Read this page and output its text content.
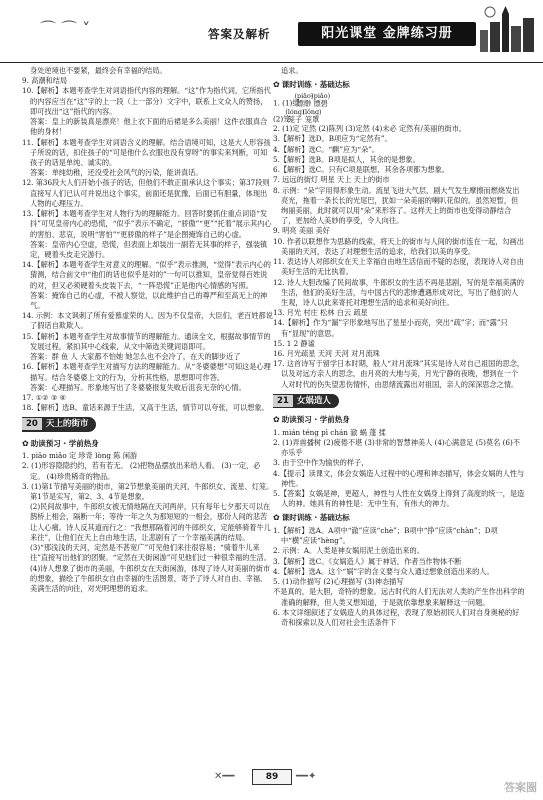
⌒ ⌒ ˅	答案及解析	阳光课堂 金牌练习册

身处逆境也不要紧，最终会有幸福的结局。

9. 高潮和结局

10.【解析】本题考查学生对词语指代内容的理解。“这”作为指代词，它所指代的内容应当在“这”字的上一段（上一部分）文字中，联系上文众人的赞扬，即可找出“这”指代的内容。

答案：皇上的新装真是漂亮！他上衣下面的后裙是多么美丽！这件衣服真合他的身材！

11.【解析】本题考查学生对词语含义的理解。结合语境可知，这是大人形容孩子所说的话，扣住孩子的“可是他什么衣服也没有穿呀”的事实来判断，可知孩子的话是单纯、诚实的。

答案：单纯幼稚，还没受社会风气的污染，能讲真话。

12. 第36段大人们开始小孩子的话，但他们不敢正面承认这个事实；第37段则直接写人们已认可并说出这个事实，前面还是犹豫，后面已有胆量，体现出人物的心理压力。

13.【解析】本题考查学生对人物行为的理解能力。回答时要抓住重点词语“发抖”可见皇帝内心的恐慌，“似乎”表示不确定，“骄傲”“更”“托着”展示其内心的害怕、悲哀，说明“害怕”“更骄傲的样子”是企图掩饰自己的心虚。

答案：皇帝内心空虚，恐慌，但表面上却装出一副若无其事的样子，强装镇定，硬着头皮走完游行。

14.【解析】本题考查学生对意义的理解。“似乎”表示推测，“觉得”表示内心的猜测，结合前文中“他们的话也似乎是对的”一句可以推知，皇帝觉得百姓说的对，但又必须硬着头皮装下去，“一阵恐慌”正是他内心情感的写照。

答案：掩饰自己的心虚，不被人察觉，以此维护自己的尊严和至高无上的神气。

14. 示例：本文讽刺了所有爱慕虚荣的人。因为不仅皇帝，大臣们，老百姓都说了假话自欺欺人。

15.【解析】本题考查学生对故事情节的理解能力。通读全文，根据故事情节的发展过程，紧扣其中心线索，从文中筛选关键词语即可。

答案：群 鱼 人 大家都不怕她 她怎么也不会冷了，在天的脚步近了

16.【解析】本题考查学生对描写方法的理解能力。从“冬婆婆想”可知这是心理描写。结合冬婆婆上文的行为，分析其性格，思想即可作答。

答案：心理描写。形象地写出了冬婆婆报复失败后沮丧无奈的心情。

17. ①② ③ ④

18.【解析】选B。童话来源于生活，又高于生活，情节可以夸张，可以想象。

20 天上的街市
✿ 助读预习 · 学前热身

1. piāo miǎo 定 珍奇 lòng 陈 闲游

2. (1)形容隐隐约约，若有若无。 (2)把物品摆放出来给人看。 (3)一定，必定。 (4)珍贵稀奇的物品。

3. (1)第1节描写美丽的街市，第2节想象美丽的天河，牛郎织女、流星、灯笼。第1节是实写，第2、3、4节是想象。

(2)民间故事中，牛郎织女被无情地隔在天河两岸，只有每年七夕那天可以在鹊桥上相会，隔断一年；等待一年之久为那短短的一相会，那份人间的悲苦让人心痛。诗人反其道而行之：“我想那隔着河的牛郎织女，定能够骑着牛儿来往”，让他们在天上自由地生活，让悲剧有了一个幸福美满的结局。

(3)“那浅浅的天河，定然是不甚宽广”可见他们来往很容易；“骑着牛儿来往”直接写出他们的团聚。“定然在天街闲游”可见他们过一种很幸福的生活。

(4)诗人想象了街市的美丽，牛郎织女在天街闲游，体现了诗人对美丽的街市的想象，描绘了牛郎织女自由幸福的生活图景，寄予了诗人对自由、幸福、美满生活的向往，对光明理想的追求。

追求。

✿ 课时训练 · 基础达标

1. (1)缥
(piāo)
缥缈
(piǎo)
缥碧

(2)笼
(lóng)
笼子
(lǒng)
笼罩

2. (1)定 定然 (2)陈列 (3)定然 (4)未必 定然有/美丽的街市。

3.【解析】选D。B项应为“定然有”。

4.【解析】选C。“麒”应为“朵”。

5.【解析】选B。B项是拟人，其余的是想象。

6.【解析】选C。只有C项是联想，其余各项都为想象。

7. 远远的街灯 明星 天上 天上的街市

8. 示例：“朵”字用得形象生动。流星飞进大气层，剧大气发生摩擦而燃烧发出亮光，拖着一条长长的光尾巴，犹如一朵美丽的喇叭花似的。虽然短暂，但绚丽美丽，此时就可以用“朵”来形容了。这样天上的街市也变得动静结合了，更加给人美妙的享受，令人向往。

9. 明亮 美丽 美好

10. 作者以联想作为思路的线索，将天上的街市与人间的街市连在一起，勾画出美丽的天河，表达了对理想生活的追求，给我们以美的享受。

11. 表达诗人对郎织女在天上幸福自由地生活信而不疑的态度，表现诗人对自由美好生活的无比执着。

12. 诗人大胆改编了民间故事，牛郎织女的生活不再是悲剧，写的是幸福美满的生活，他们的美好生活，与中国古代的悲惨遭遇形成对比，写出了他们的人生观，诗人以此来寄托对理想生活的追求和美好向往。

13. 月光 村庄 松林 白云 疏星

14.【解析】作为“漏”字形象地写出了星星小而亮，突出“疏”字；而“露”只有“显现”的意思。

15. 1 2 静谧

16. 月光疏星 天河 天河 对月流珠

17. 这首诗写于留学日本时期，般人“对月流珠”其实是诗人对自己祖国的思念，以及对远方亲人的思念，由月亮的大地与美，月光宁静的夜晚，想到在一个人对时代的伤失望悲伤情怀，由思绪流露出对祖国，亲人的深深思念之情。

21 女娲造人
✿ 助读预习 · 学前热身

1. mián téng pì chán 澈 蜗 蓬 揉

2. (1)弄兽播树 (2)疲倦不堪 (3)非常的智慧神美人 (4)心满意足 (5)莫名 (6)不亦乐乎

3. 由于空中作为愉快的样子，

4.【提示】读课文，体会女娲造人过程中的心理和神态描写，体会女娲的人性与神性。

5.【答案】女娲是神，更超人，神性与人性在女娲身上得到了高度的统一，是造人的神。她具有的神性是：无中生有，有伟大的神力。

✿ 课时训练 · 基础达标

1.【解析】选A。A项中“澈”应读“chè”；B项中“挣”应读“chàn”；D项中“横”应读“hèng”。

2. 示例：A。人类是神女娲用泥土创造出来的。

3.【解析】选C。《女娲造人》属于神话，作者当作物体不断

4.【解析】选A。这个“娲”字的含义要与众人通过想象创造出来的人。

5. (1)动作描写 (2)心理描写 (3)神态描写

不是真的，是大胆，奇特的想象。远古时代的人们无法对人类的产生作出科学的准确的解释，但人类又想知道，于是就依靠想象来解释这一问题。

6. 本文详细叙述了女娲造人的具体过程，表现了原始初民人们对自身奥秘的好奇和探索以及人们对社会生活条件下

✕━━	89	━━✦
答案圈
